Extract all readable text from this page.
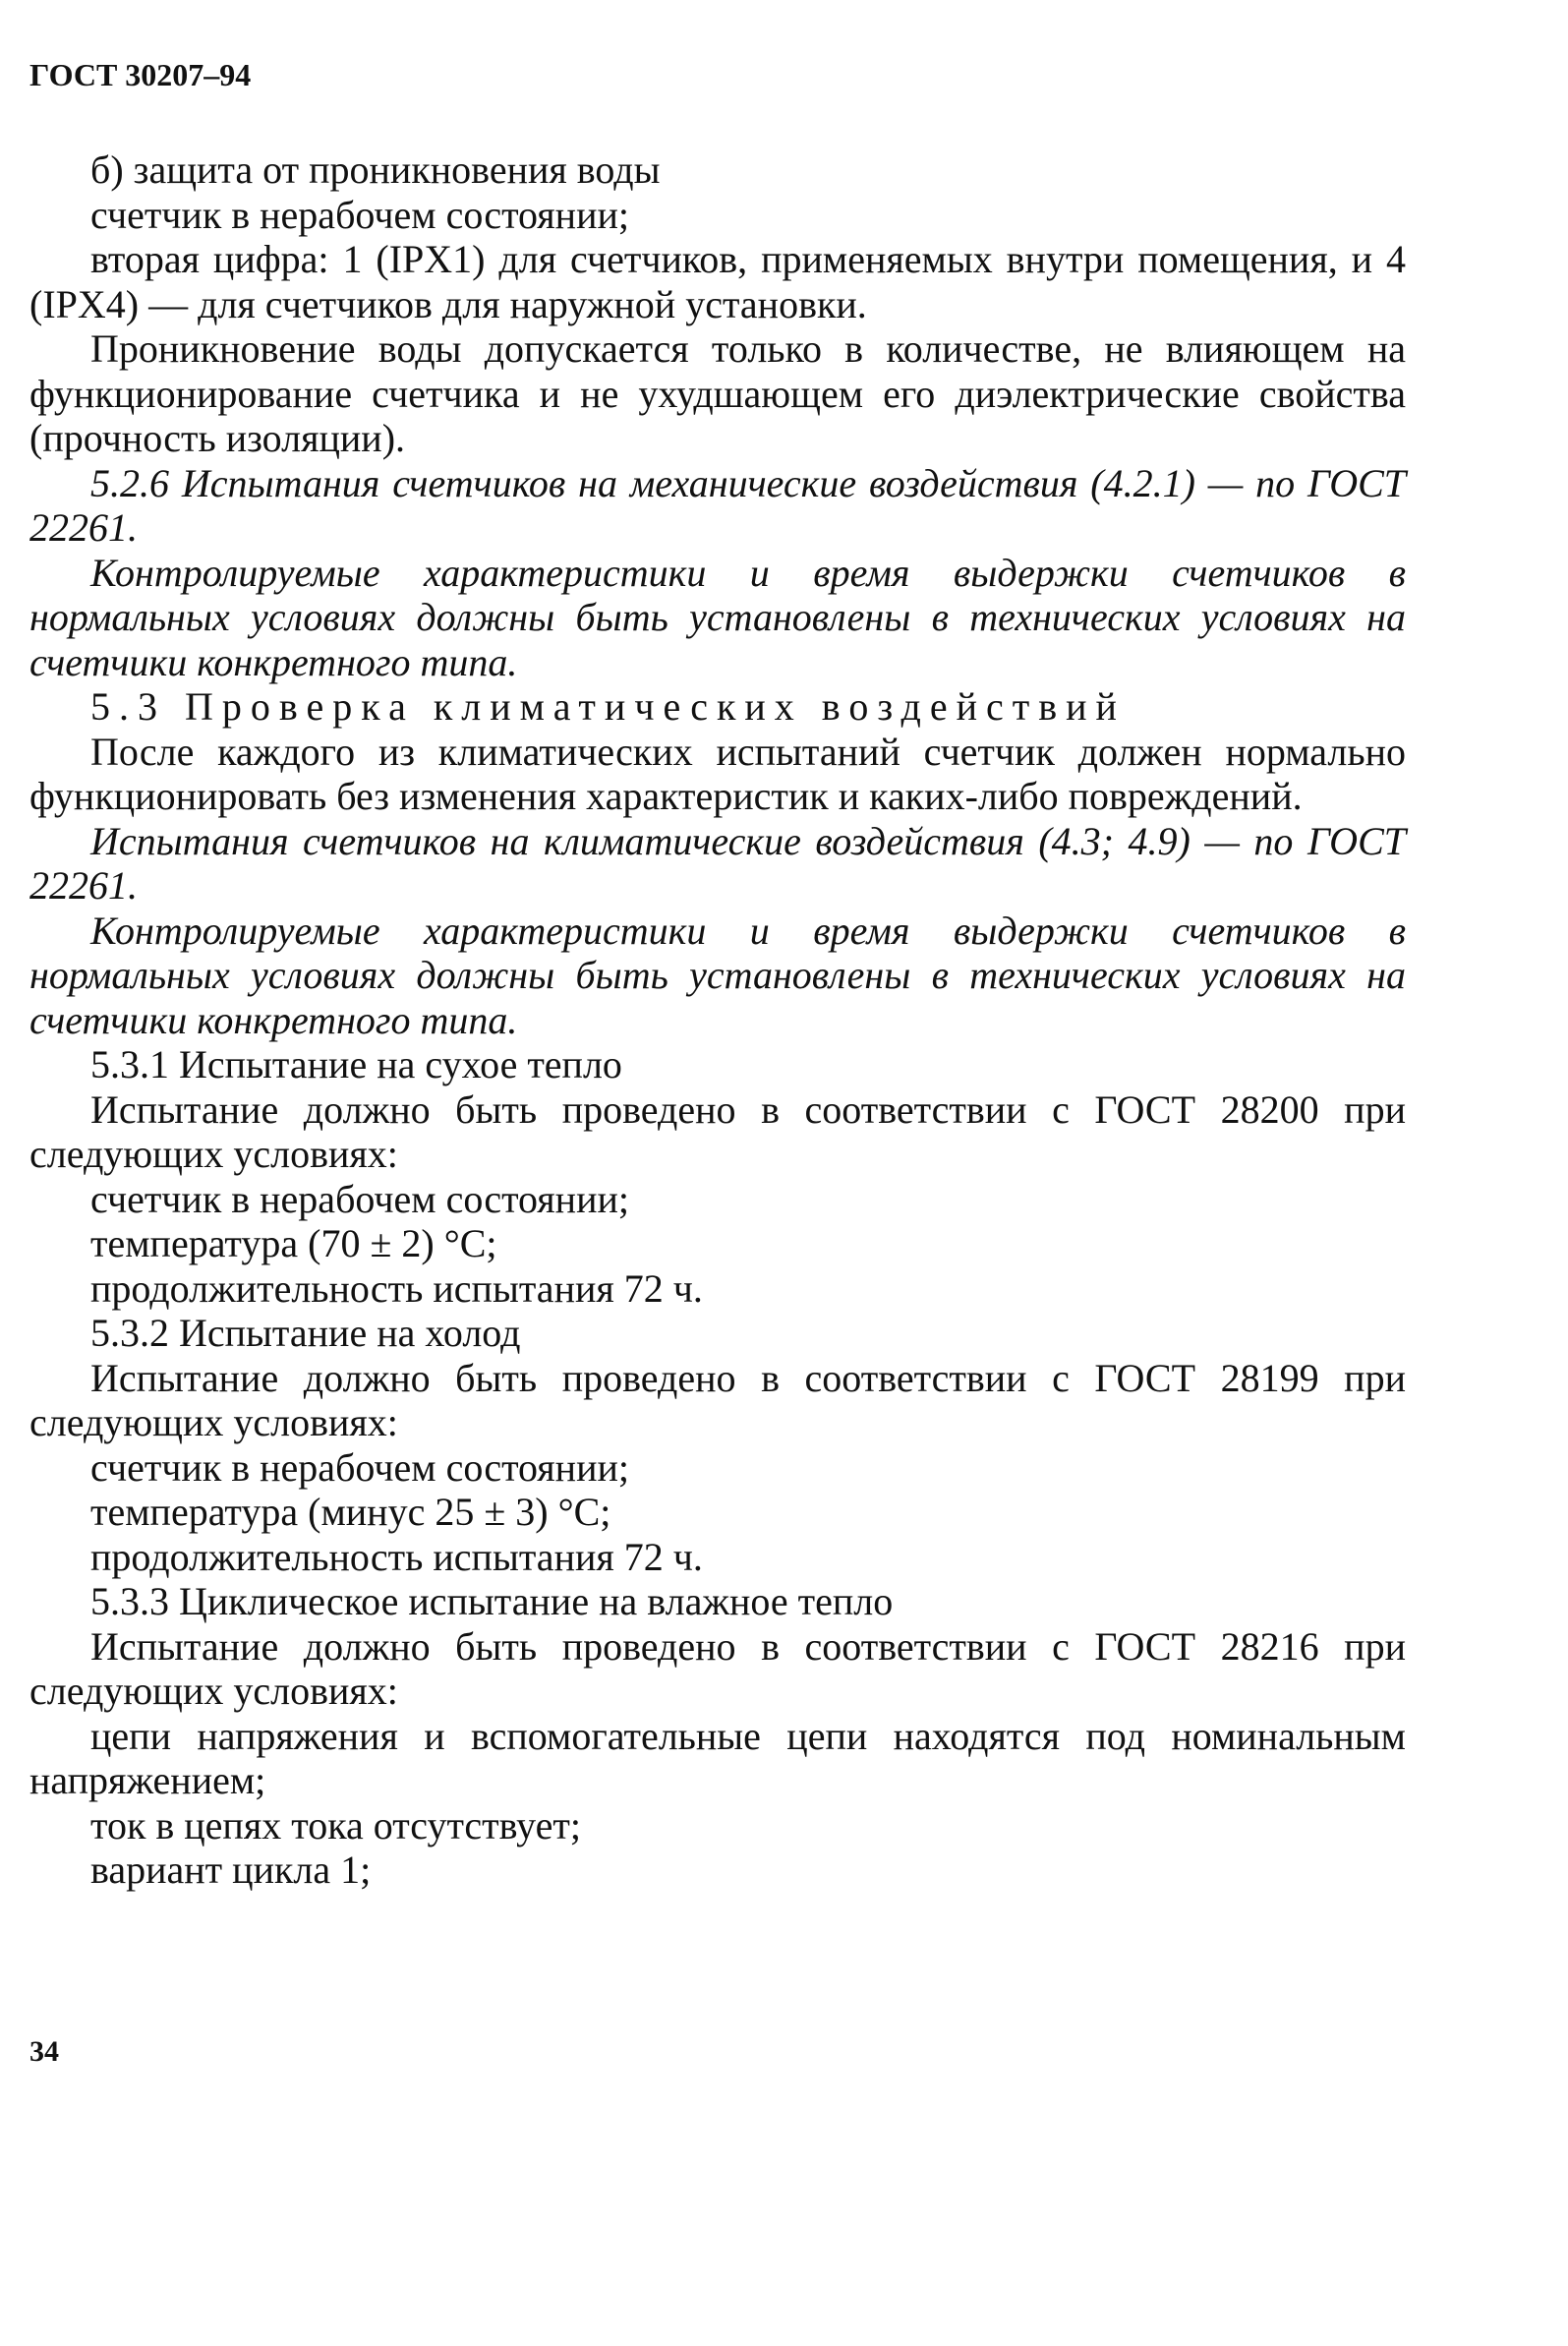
ГОСТ 30207–94

б) защита от проникновения воды

счетчик в нерабочем состоянии;

вторая цифра: 1 (IPX1) для счетчиков, применяемых внутри помещения, и 4 (IPX4) — для счетчиков для наружной установки.

Проникновение воды допускается только в количестве, не влияющем на функционирование счетчика и не ухудшающем его диэлектрические свойства (прочность изоляции).

5.2.6 Испытания счетчиков на механические воздействия (4.2.1) — по ГОСТ 22261.

Контролируемые характеристики и время выдержки счетчиков в нормальных условиях должны быть установлены в технических условиях на счетчики конкретного типа.

5.3 Проверка климатических воздействий

После каждого из климатических испытаний счетчик должен нормально функционировать без изменения характеристик и каких-либо повреждений.

Испытания счетчиков на климатические воздействия (4.3; 4.9) — по ГОСТ 22261.

Контролируемые характеристики и время выдержки счетчиков в нормальных условиях должны быть установлены в технических условиях на счетчики конкретного типа.

5.3.1 Испытание на сухое тепло

Испытание должно быть проведено в соответствии с ГОСТ 28200 при следующих условиях:

счетчик в нерабочем состоянии;

температура (70 ± 2) °С;

продолжительность испытания 72 ч.

5.3.2 Испытание на холод

Испытание должно быть проведено в соответствии с ГОСТ 28199 при следующих условиях:

счетчик в нерабочем состоянии;

температура (минус 25 ± 3) °С;

продолжительность испытания 72 ч.

5.3.3 Циклическое испытание на влажное тепло

Испытание должно быть проведено в соответствии с ГОСТ 28216 при следующих условиях:

цепи напряжения и вспомогательные цепи находятся под номинальным напряжением;

ток в цепях тока отсутствует;

вариант цикла 1;

34
